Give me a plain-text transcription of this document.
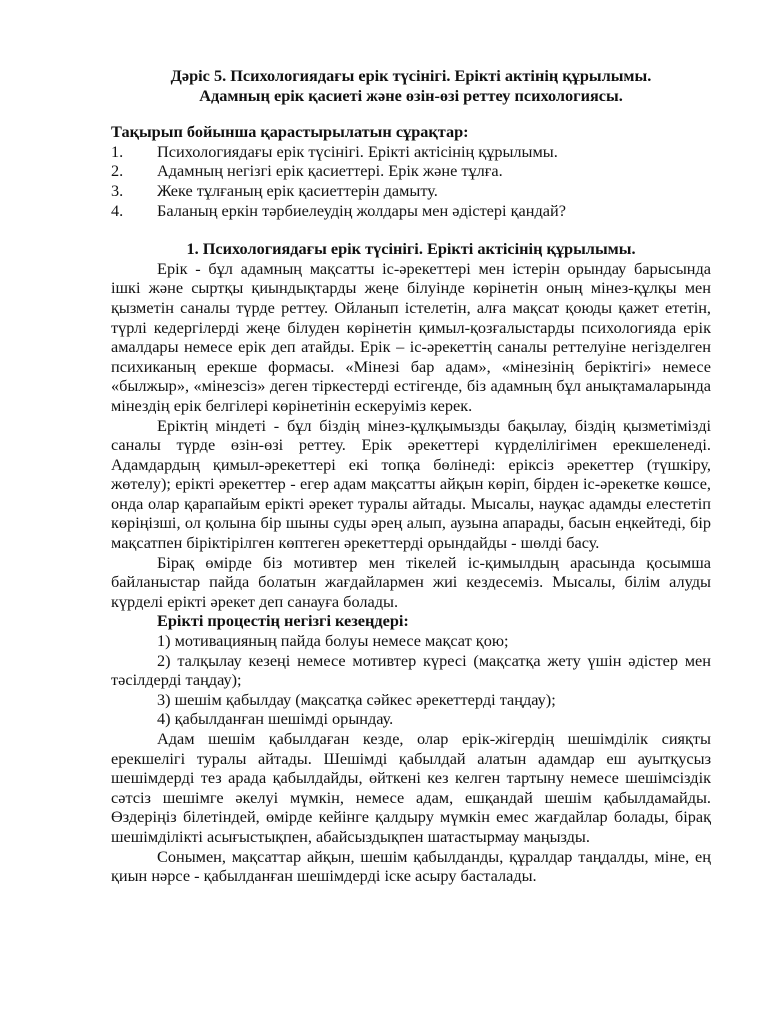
Дәріс 5. Психологиядағы ерік түсінігі. Ерікті актінің құрылымы.
Адамның ерік қасиеті және өзін-өзі реттеу психологиясы.
Тақырып бойынша қарастырылатын сұрақтар:
1. Психологиядағы ерік түсінігі. Ерікті актісінің құрылымы.
2. Адамның негізгі ерік қасиеттері. Ерік және тұлға.
3. Жеке тұлғаның ерік қасиеттерін дамыту.
4. Баланың еркін тәрбиелеудің жолдары мен әдістері қандай?
1. Психологиядағы ерік түсінігі. Ерікті актісінің құрылымы.

Ерік - бұл адамның мақсатты іс-әрекеттері мен істерін орындау барысында ішкі және сыртқы қиындықтарды жеңе білуінде көрінетін оның мінез-құлқы мен қызметін саналы түрде реттеу. Ойланып істелетін, алға мақсат қоюды қажет ететін, түрлі кедергілерді жеңе білуден көрінетін қимыл-қозғалыстарды психологияда ерік амалдары немесе ерік деп атайды. Ерік – іс-әрекеттің саналы реттелуіне негізделген психиканың ерекше формасы. «Мінезі бар адам», «мінезінің беріктігі» немесе «былжыр», «мінезсіз» деген тіркестерді естігенде, біз адамның бұл анықтамаларында мінездің ерік белгілері көрінетінін ескеруіміз керек.

Еріктің міндеті - бұл біздің мінез-құлқымызды бақылау, біздің қызметімізді саналы түрде өзін-өзі реттеу. Ерік әрекеттері күрделілігімен ерекшеленеді. Адамдардың қимыл-әрекеттері екі топқа бөлінеді: еріксіз әрекеттер (түшкіру, жөтелу); ерікті әрекеттер - егер адам мақсатты айқын көріп, бірден іс-әрекетке көшсе, онда олар қарапайым ерікті әрекет туралы айтады. Мысалы, науқас адамды елестетіп көріңізші, ол қолына бір шыны суды әрең алып, аузына апарады, басын еңкейтеді, бір мақсатпен біріктірілген көптеген әрекеттерді орындайды - шөлді басу.

Бірақ өмірде біз мотивтер мен тікелей іс-қимылдың арасында қосымша байланыстар пайда болатын жағдайлармен жиі кездесеміз. Мысалы, білім алуды күрделі ерікті әрекет деп санауға болады.

Ерікті процестің негізгі кезеңдері:

1) мотивацияның пайда болуы немесе мақсат қою;

2) талқылау кезеңі немесе мотивтер күресі (мақсатқа жету үшін әдістер мен тәсілдерді таңдау);

3) шешім қабылдау (мақсатқа сәйкес әрекеттерді таңдау);

4) қабылданған шешімді орындау.

Адам шешім қабылдаған кезде, олар ерік-жігердің шешімділік сияқты ерекшелігі туралы айтады. Шешімді қабылдай алатын адамдар еш ауытқусыз шешімдерді тез арада қабылдайды, өйткені кез келген тартыну немесе шешімсіздік сәтсіз шешімге әкелуі мүмкін, немесе адам, ешқандай шешім қабылдамайды. Өздеріңіз білетіндей, өмірде кейінге қалдыру мүмкін емес жағдайлар болады, бірақ шешімділікті асығыстықпен, абайсыздықпен шатастырмау маңызды.

Сонымен, мақсаттар айқын, шешім қабылданды, құралдар таңдалды, міне, ең қиын нәрсе - қабылданған шешімдерді іске асыру басталады.
